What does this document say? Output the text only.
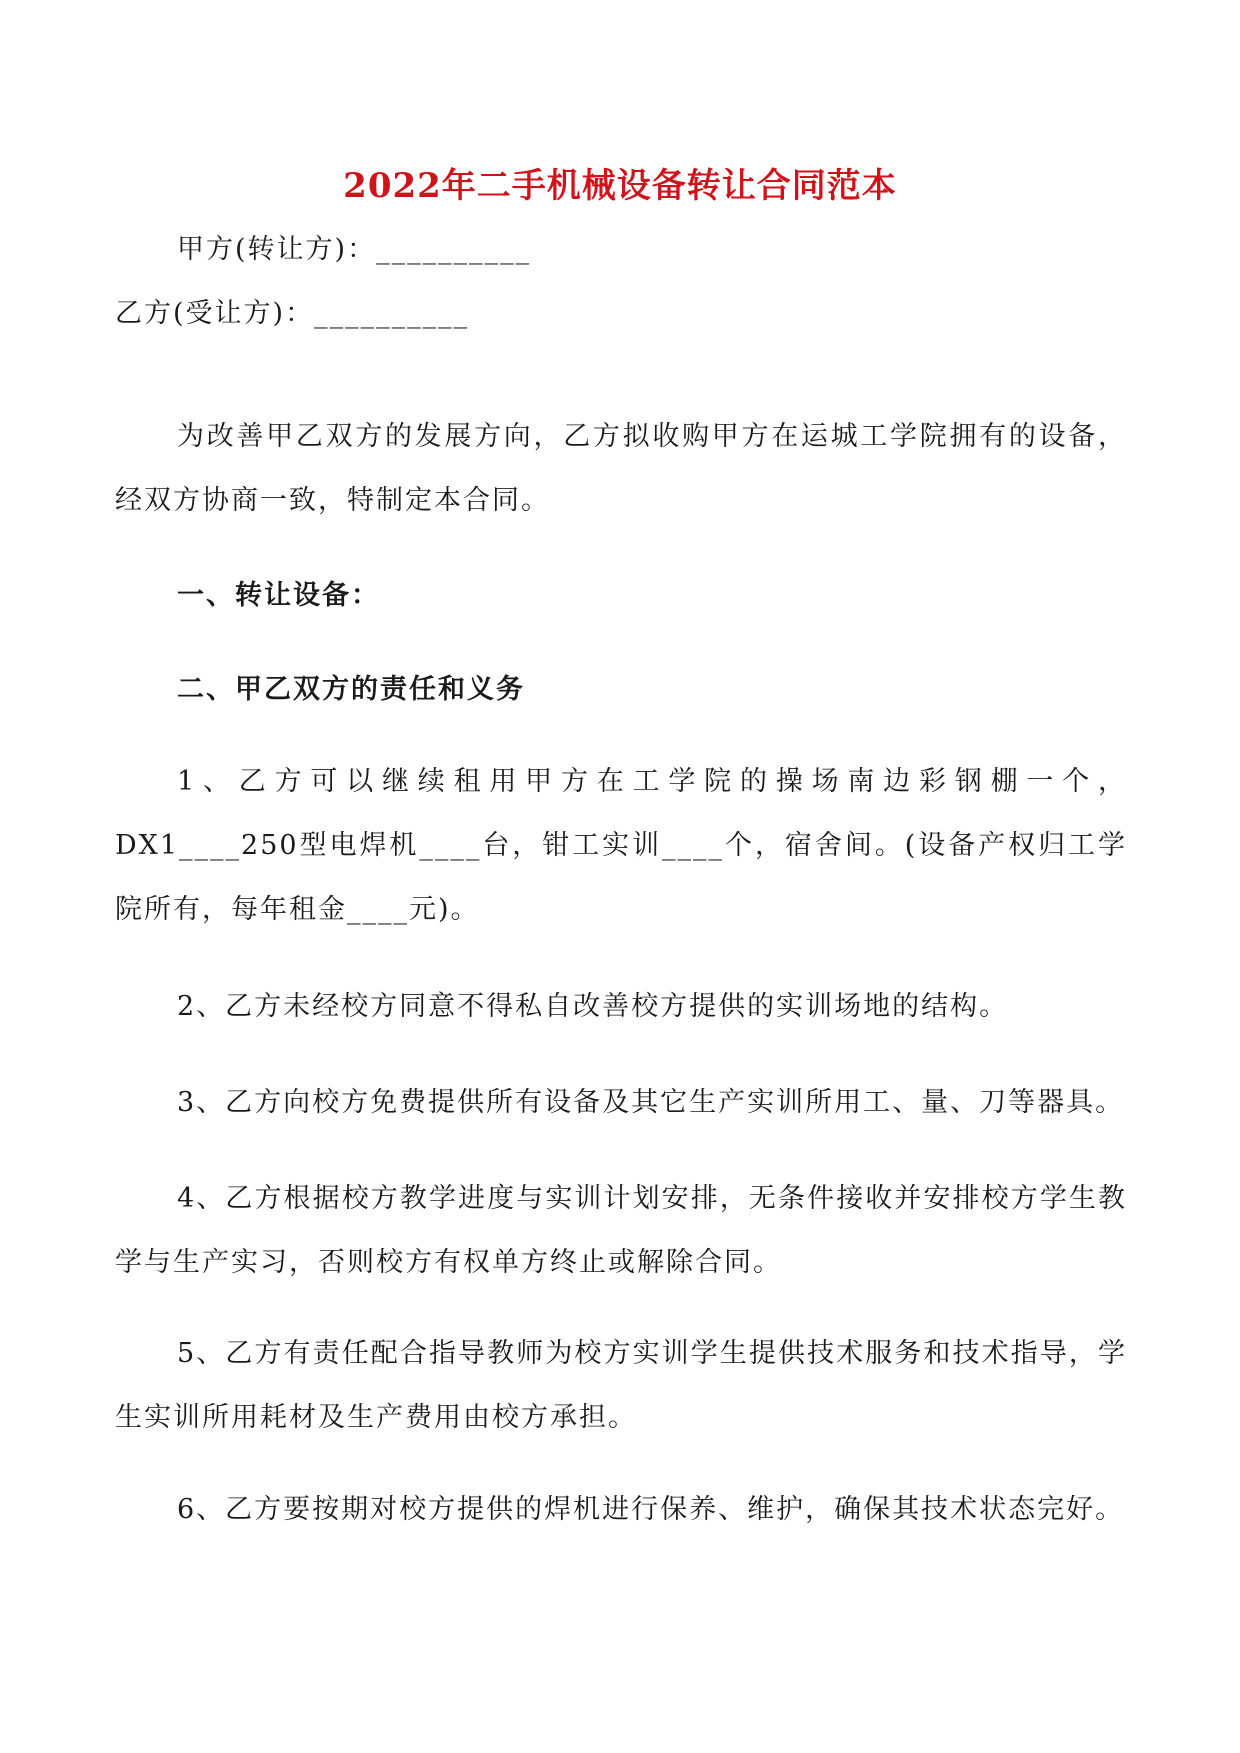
2022年二手机械设备转让合同范本
甲方(转让方)：__________
乙方(受让方)：__________
为改善甲乙双方的发展方向，乙方拟收购甲方在运城工学院拥有的设备，经双方协商一致，特制定本合同。
一、转让设备：
二、甲乙双方的责任和义务
1、乙方可以继续租用甲方在工学院的操场南边彩钢棚一个，DX1____250型电焊机____台，钳工实训____个，宿舍间。(设备产权归工学院所有，每年租金____元)。
2、乙方未经校方同意不得私自改善校方提供的实训场地的结构。
3、乙方向校方免费提供所有设备及其它生产实训所用工、量、刀等器具。
4、乙方根据校方教学进度与实训计划安排，无条件接收并安排校方学生教学与生产实习，否则校方有权单方终止或解除合同。
5、乙方有责任配合指导教师为校方实训学生提供技术服务和技术指导，学生实训所用耗材及生产费用由校方承担。
6、乙方要按期对校方提供的焊机进行保养、维护，确保其技术状态完好。
